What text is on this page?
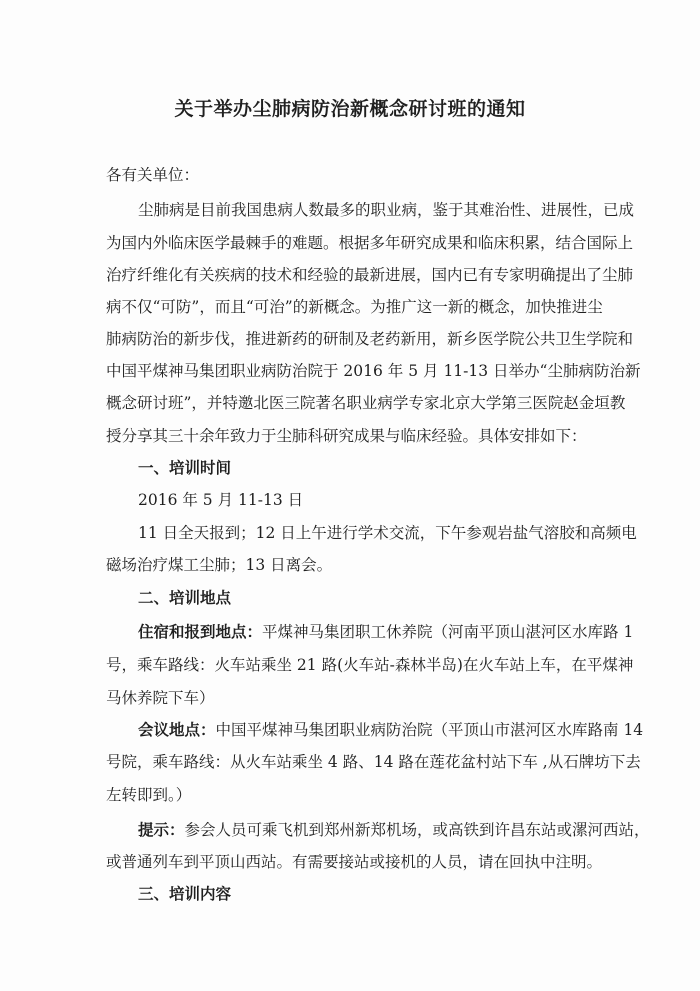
关于举办尘肺病防治新概念研讨班的通知
各有关单位：
尘肺病是目前我国患病人数最多的职业病，鉴于其难治性、进展性，已成
为国内外临床医学最棘手的难题。根据多年研究成果和临床积累，结合国际上
治疗纤维化有关疾病的技术和经验的最新进展，国内已有专家明确提出了尘肺
病不仅“可防”，而且“可治”的新概念。为推广这一新的概念，加快推进尘
肺病防治的新步伐，推进新药的研制及老药新用，新乡医学院公共卫生学院和
中国平煤神马集团职业病防治院于 2016 年 5 月 11-13 日举办“尘肺病防治新
概念研讨班”，并特邀北医三院著名职业病学专家北京大学第三医院赵金垣教
授分享其三十余年致力于尘肺科研究成果与临床经验。具体安排如下：
一、培训时间
2016 年 5 月 11-13 日
11 日全天报到；12 日上午进行学术交流，下午参观岩盐气溶胶和高频电
磁场治疗煤工尘肺；13 日离会。
二、培训地点
住宿和报到地点：平煤神马集团职工休养院（河南平顶山湛河区水库路 1
号，乘车路线：火车站乘坐 21 路(火车站-森林半岛)在火车站上车，在平煤神
马休养院下车）
会议地点：中国平煤神马集团职业病防治院（平顶山市湛河区水库路南 14
号院，乘车路线：从火车站乘坐 4 路、14 路在莲花盆村站下车 ,从石牌坊下去
左转即到。）
提示：参会人员可乘飞机到郑州新郑机场，或高铁到许昌东站或漯河西站，
或普通列车到平顶山西站。有需要接站或接机的人员，请在回执中注明。
三、培训内容
